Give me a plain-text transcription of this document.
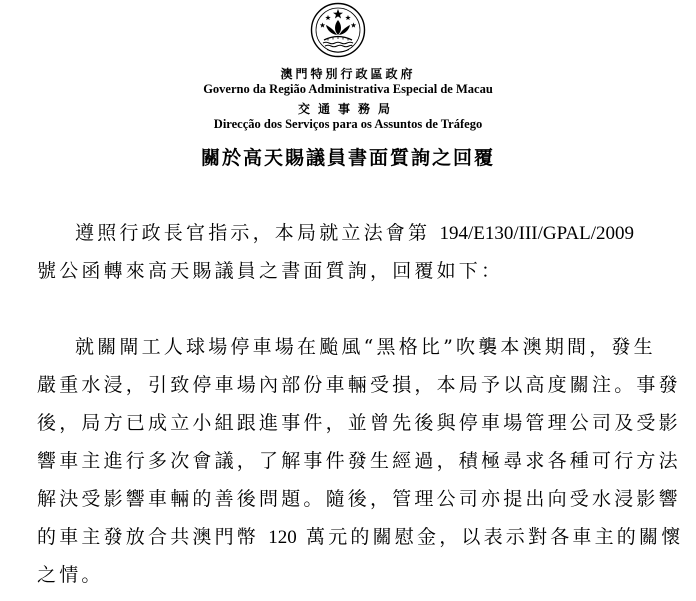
澳門特別行政區政府
Governo da Região Administrativa Especial de Macau
交通事務局
Direcção dos Serviços para os Assuntos de Tráfego
關於高天賜議員書面質詢之回覆
遵照行政長官指示，本局就立法會第 194/E130/III/GPAL/2009
號公函轉來高天賜議員之書面質詢，回覆如下：
就關閘工人球場停車場在颱風“黑格比”吹襲本澳期間，發生
嚴重水浸，引致停車場內部份車輛受損，本局予以高度關注。事發
後，局方已成立小組跟進事件，並曾先後與停車場管理公司及受影
響車主進行多次會議，了解事件發生經過，積極尋求各種可行方法
解決受影響車輛的善後問題。隨後，管理公司亦提出向受水浸影響
的車主發放合共澳門幣 120 萬元的關慰金，以表示對各車主的關懷
之情。
